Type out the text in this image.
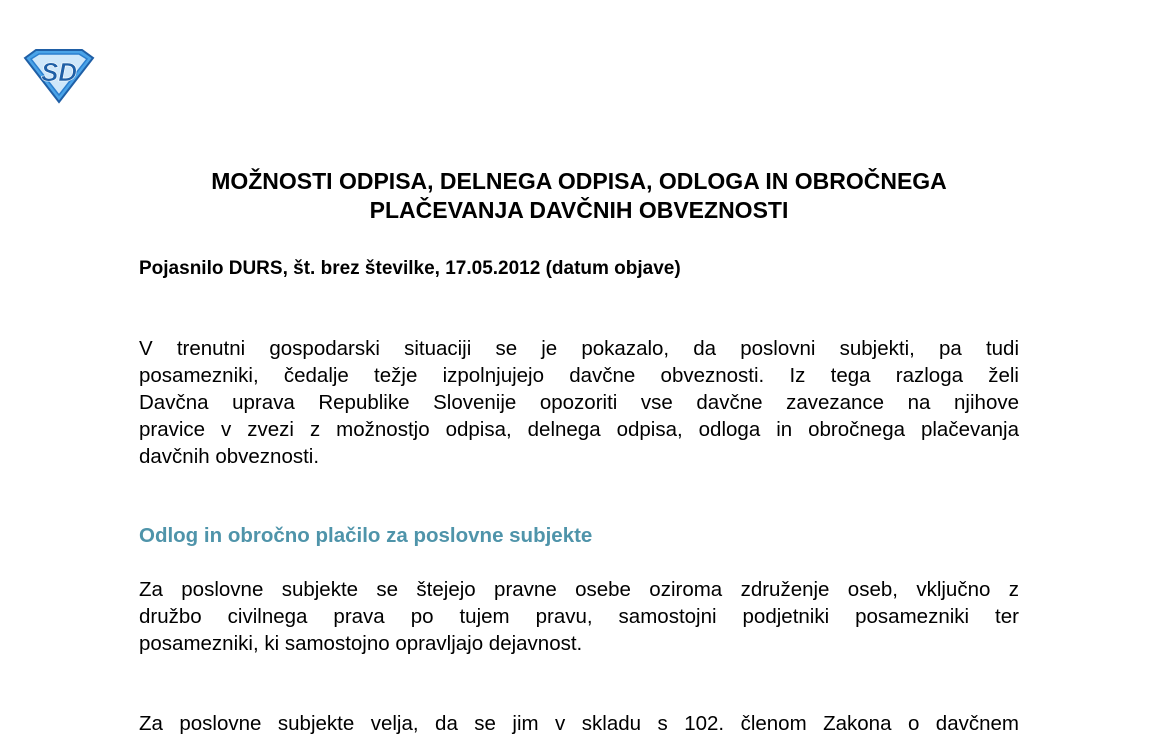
SD
MOŽNOSTI ODPISA, DELNEGA ODPISA, ODLOGA IN OBROČNEGA
PLAČEVANJA DAVČNIH OBVEZNOSTI

Pojasnilo DURS, št. brez številke, 17.05.2012 (datum objave)

V trenutni gospodarski situaciji se je pokazalo, da poslovni subjekti, pa tudi
posamezniki, čedalje težje izpolnjujejo davčne obveznosti. Iz tega razloga želi
Davčna uprava Republike Slovenije opozoriti vse davčne zavezance na njihove
pravice v zvezi z možnostjo odpisa, delnega odpisa, odloga in obročnega plačevanja
davčnih obveznosti.

Odlog in obročno plačilo za poslovne subjekte

Za poslovne subjekte se štejejo pravne osebe oziroma združenje oseb, vključno z
družbo civilnega prava po tujem pravu, samostojni podjetniki posamezniki ter
posamezniki, ki samostojno opravljajo dejavnost.

Za poslovne subjekte velja, da se jim v skladu s 102. členom Zakona o davčnem
